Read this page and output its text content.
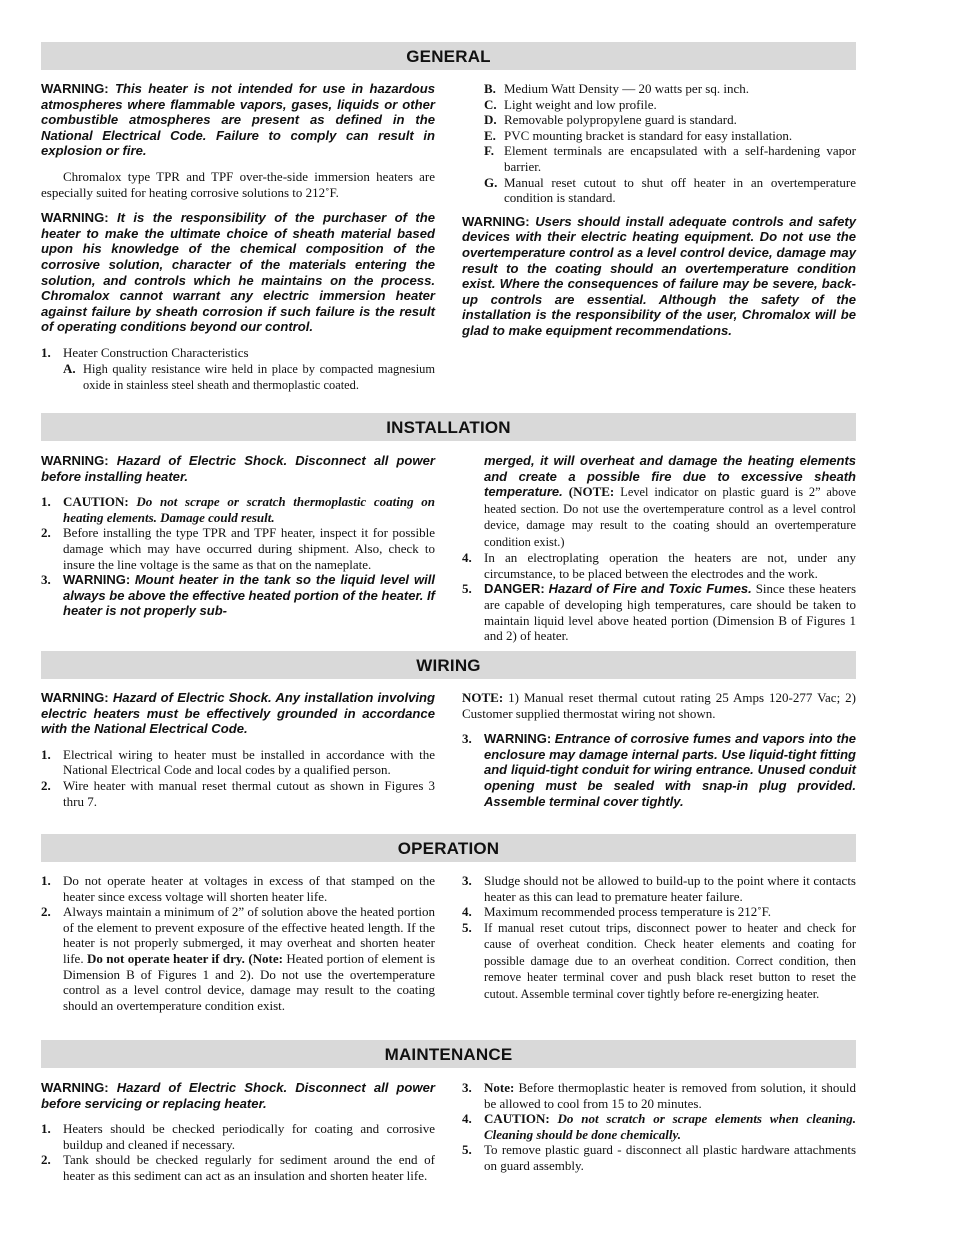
GENERAL

WARNING: This heater is not intended for use in hazardous atmospheres where flammable vapors, gases, liquids or other combustible atmospheres are present as defined in the National Electrical Code. Failure to comply can result in explosion or fire.

Chromalox type TPR and TPF over-the-side immersion heaters are especially suited for heating corrosive solutions to 212˚F.

WARNING: It is the responsibility of the purchaser of the heater to make the ultimate choice of sheath material based upon his knowledge of the chemical composition of the corrosive solution, character of the materials entering the solution, and controls which he maintains on the process. Chromalox cannot warrant any electric immersion heater against failure by sheath corrosion if such failure is the result of operating conditions beyond our control.

1. Heater Construction Characteristics
A. High quality resistance wire held in place by compacted magnesium oxide in stainless steel sheath and thermoplastic coated.
B. Medium Watt Density — 20 watts per sq. inch.
C. Light weight and low profile.
D. Removable polypropylene guard is standard.
E. PVC mounting bracket is standard for easy installation.
F. Element terminals are encapsulated with a self-hardening vapor barrier.
G. Manual reset cutout to shut off heater in an overtemperature condition is standard.

WARNING: Users should install adequate controls and safety devices with their electric heating equipment. Do not use the overtemperature control as a level control device, damage may result to the coating should an overtemperature condition exist. Where the consequences of failure may be severe, back-up controls are essential. Although the safety of the installation is the responsibility of the user, Chromalox will be glad to make equipment recommendations.

INSTALLATION

WARNING: Hazard of Electric Shock. Disconnect all power before installing heater.

1. CAUTION: Do not scrape or scratch thermoplastic coating on heating elements. Damage could result.
2. Before installing the type TPR and TPF heater, inspect it for possible damage which may have occurred during shipment. Also, check to insure the line voltage is the same as that on the nameplate.
3. WARNING: Mount heater in the tank so the liquid level will always be above the effective heated portion of the heater. If heater is not properly sub-
merged, it will overheat and damage the heating elements and create a possible fire due to excessive sheath temperature. (NOTE: Level indicator on plastic guard is 2” above heated section. Do not use the overtemperature control as a level control device, damage may result to the coating should an overtemperature condition exist.)
4. In an electroplating operation the heaters are not, under any circumstance, to be placed between the electrodes and the work.
5. DANGER: Hazard of Fire and Toxic Fumes. Since these heaters are capable of developing high temperatures, care should be taken to maintain liquid level above heated portion (Dimension B of Figures 1 and 2) of heater.
WIRING

WARNING: Hazard of Electric Shock. Any installation involving electric heaters must be effectively grounded in accordance with the National Electrical Code.

1. Electrical wiring to heater must be installed in accordance with the National Electrical Code and local codes by a qualified person.
2. Wire heater with manual reset thermal cutout as shown in Figures 3 thru 7.

NOTE: 1) Manual reset thermal cutout rating 25 Amps 120-277 Vac; 2) Customer supplied thermostat wiring not shown.

3. WARNING: Entrance of corrosive fumes and vapors into the enclosure may damage internal parts. Use liquid-tight fitting and liquid-tight conduit for wiring entrance. Unused conduit opening must be sealed with snap-in plug provided. Assemble terminal cover tightly.
OPERATION
1. Do not operate heater at voltages in excess of that stamped on the heater since excess voltage will shorten heater life.
2. Always maintain a minimum of 2” of solution above the heated portion of the element to prevent exposure of the effective heated length. If the heater is not properly submerged, it may overheat and shorten heater life. Do not operate heater if dry. (Note: Heated portion of element is Dimension B of Figures 1 and 2). Do not use the overtemperature control as a level control device, damage may result to the coating should an overtemperature condition exist.
3. Sludge should not be allowed to build-up to the point where it contacts heater as this can lead to premature heater failure.
4. Maximum recommended process temperature is 212˚F.
5. If manual reset cutout trips, disconnect power to heater and check for cause of overheat condition. Check heater elements and coating for possible damage due to an overheat condition. Correct condition, then remove heater terminal cover and push black reset button to reset the cutout. Assemble terminal cover tightly before re-energizing heater.
MAINTENANCE

WARNING: Hazard of Electric Shock. Disconnect all power before servicing or replacing heater.

1. Heaters should be checked periodically for coating and corrosive buildup and cleaned if necessary.
2. Tank should be checked regularly for sediment around the end of heater as this sediment can act as an insulation and shorten heater life.
3. Note: Before thermoplastic heater is removed from solution, it should be allowed to cool from 15 to 20 minutes.
4. CAUTION: Do not scratch or scrape elements when cleaning. Cleaning should be done chemically.
5. To remove plastic guard - disconnect all plastic hardware attachments on guard assembly.
